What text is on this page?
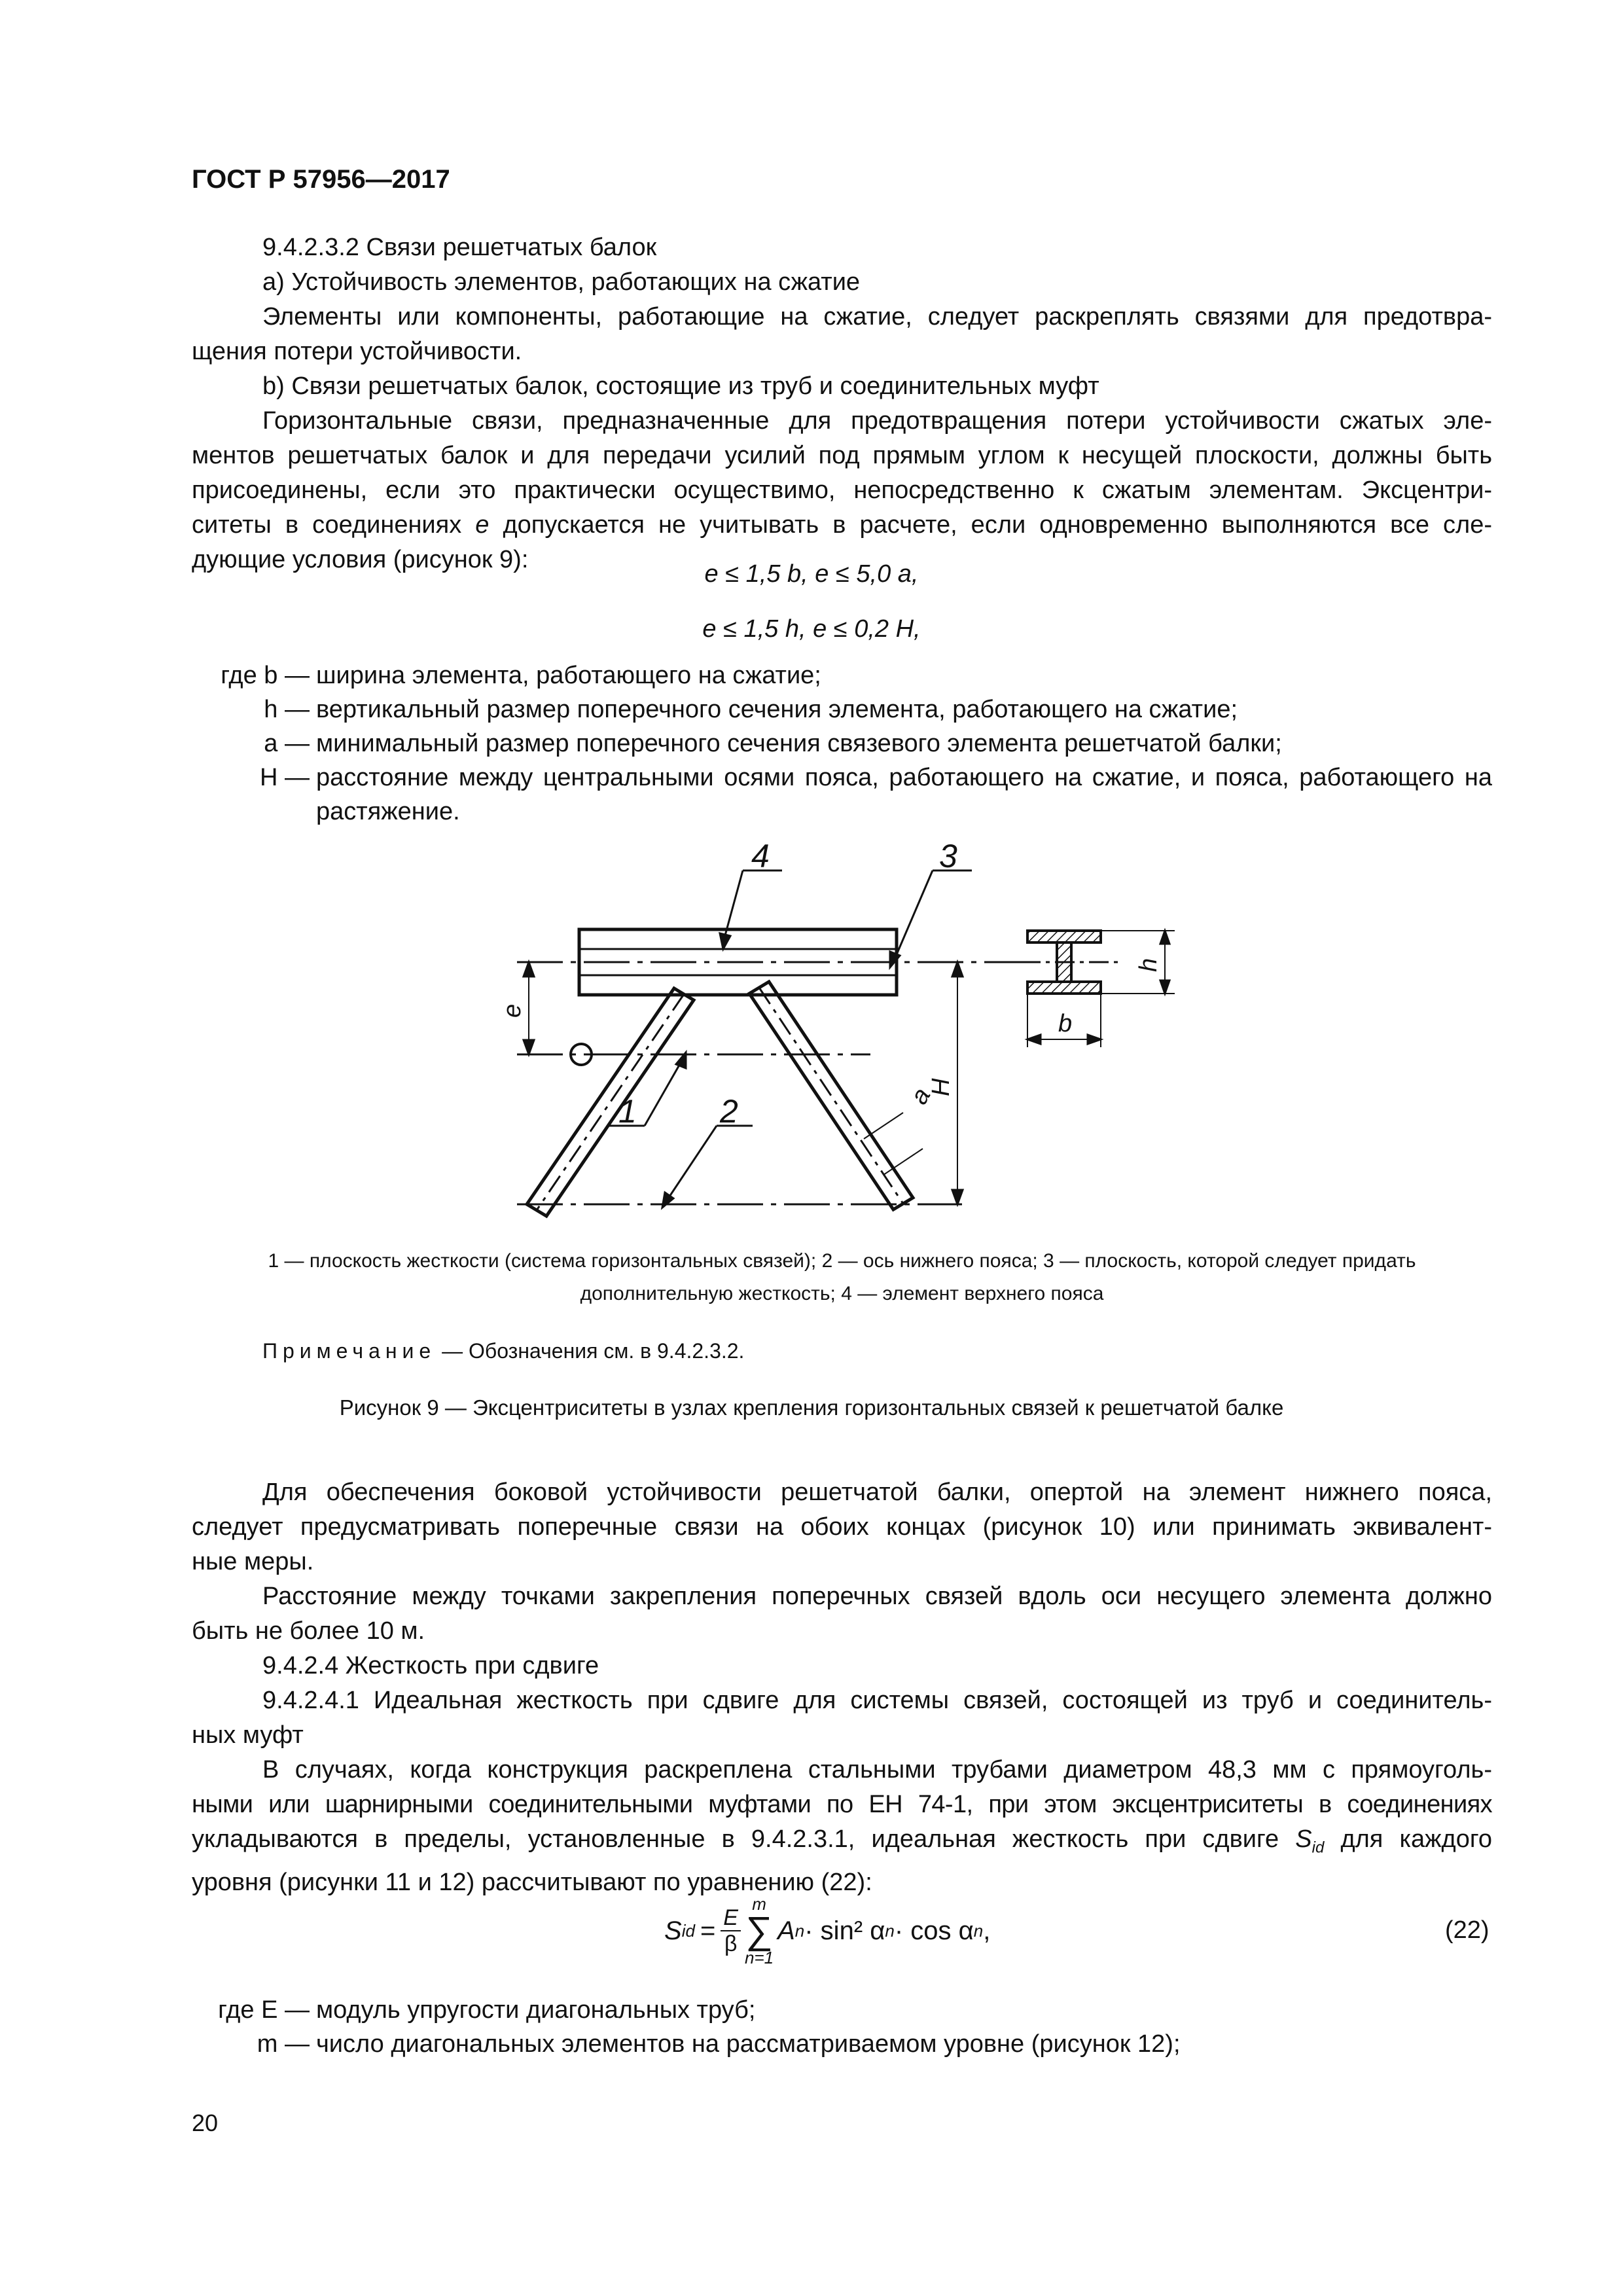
ГОСТ Р 57956—2017

9.4.2.3.2 Связи решетчатых балок

a) Устойчивость элементов, работающих на сжатие

Элементы или компоненты, работающие на сжатие, следует раскреплять связями для предотвра-

щения потери устойчивости.

b) Связи решетчатых балок, состоящие из труб и соединительных муфт

Горизонтальные связи, предназначенные для предотвращения потери устойчивости сжатых эле-

ментов решетчатых балок и для передачи усилий под прямым углом к несущей плоскости, должны быть

присоединены, если это практически осуществимо, непосредственно к сжатым элементам. Эксцентри-

ситеты в соединениях e допускается не учитывать в расчете, если одновременно выполняются все сле-

дующие условия (рисунок 9):

e ≤ 1,5 b, e ≤ 5,0 a,
e ≤ 1,5 h, e ≤ 0,2 H,
где b — ширина элемента, работающего на сжатие;
h — вертикальный размер поперечного сечения элемента, работающего на сжатие;
a — минимальный размер поперечного сечения связевого элемента решетчатой балки;
H — расстояние между центральными осями пояса, работающего на сжатие, и пояса, работающего на растяжение.
4	3
1	2
e
H
a
h
b
1 — плоскость жесткости (система горизонтальных связей); 2 — ось нижнего пояса; 3 — плоскость, которой следует придать
дополнительную жесткость; 4 — элемент верхнего пояса
Примечание — Обозначения см. в 9.4.2.3.2.
Рисунок 9 — Эксцентриситеты в узлах крепления горизонтальных связей к решетчатой балке

Для обеспечения боковой устойчивости решетчатой балки, опертой на элемент нижнего пояса,

следует предусматривать поперечные связи на обоих концах (рисунок 10) или принимать эквивалент-

ные меры.

Расстояние между точками закрепления поперечных связей вдоль оси несущего элемента должно

быть не более 10 м.

9.4.2.4 Жесткость при сдвиге

9.4.2.4.1 Идеальная жесткость при сдвиге для системы связей, состоящей из труб и соединитель-

ных муфт

В случаях, когда конструкция раскреплена стальными трубами диаметром 48,3 мм с прямоуголь-

ными или шарнирными соединительными муфтами по ЕН 74-1, при этом эксцентриситеты в соединениях

укладываются в пределы, установленные в 9.4.2.3.1, идеальная жесткость при сдвиге $S_{id}$ для каждого

уровня (рисунки 11 и 12) рассчитывают по уравнению (22):

S id = $\frac{E}{\beta}$
m
∑
n=1
A n · sin² α n · cos α n ,	(22)
где E — модуль упругости диагональных труб;
m — число диагональных элементов на рассматриваемом уровне (рисунок 12);
20
